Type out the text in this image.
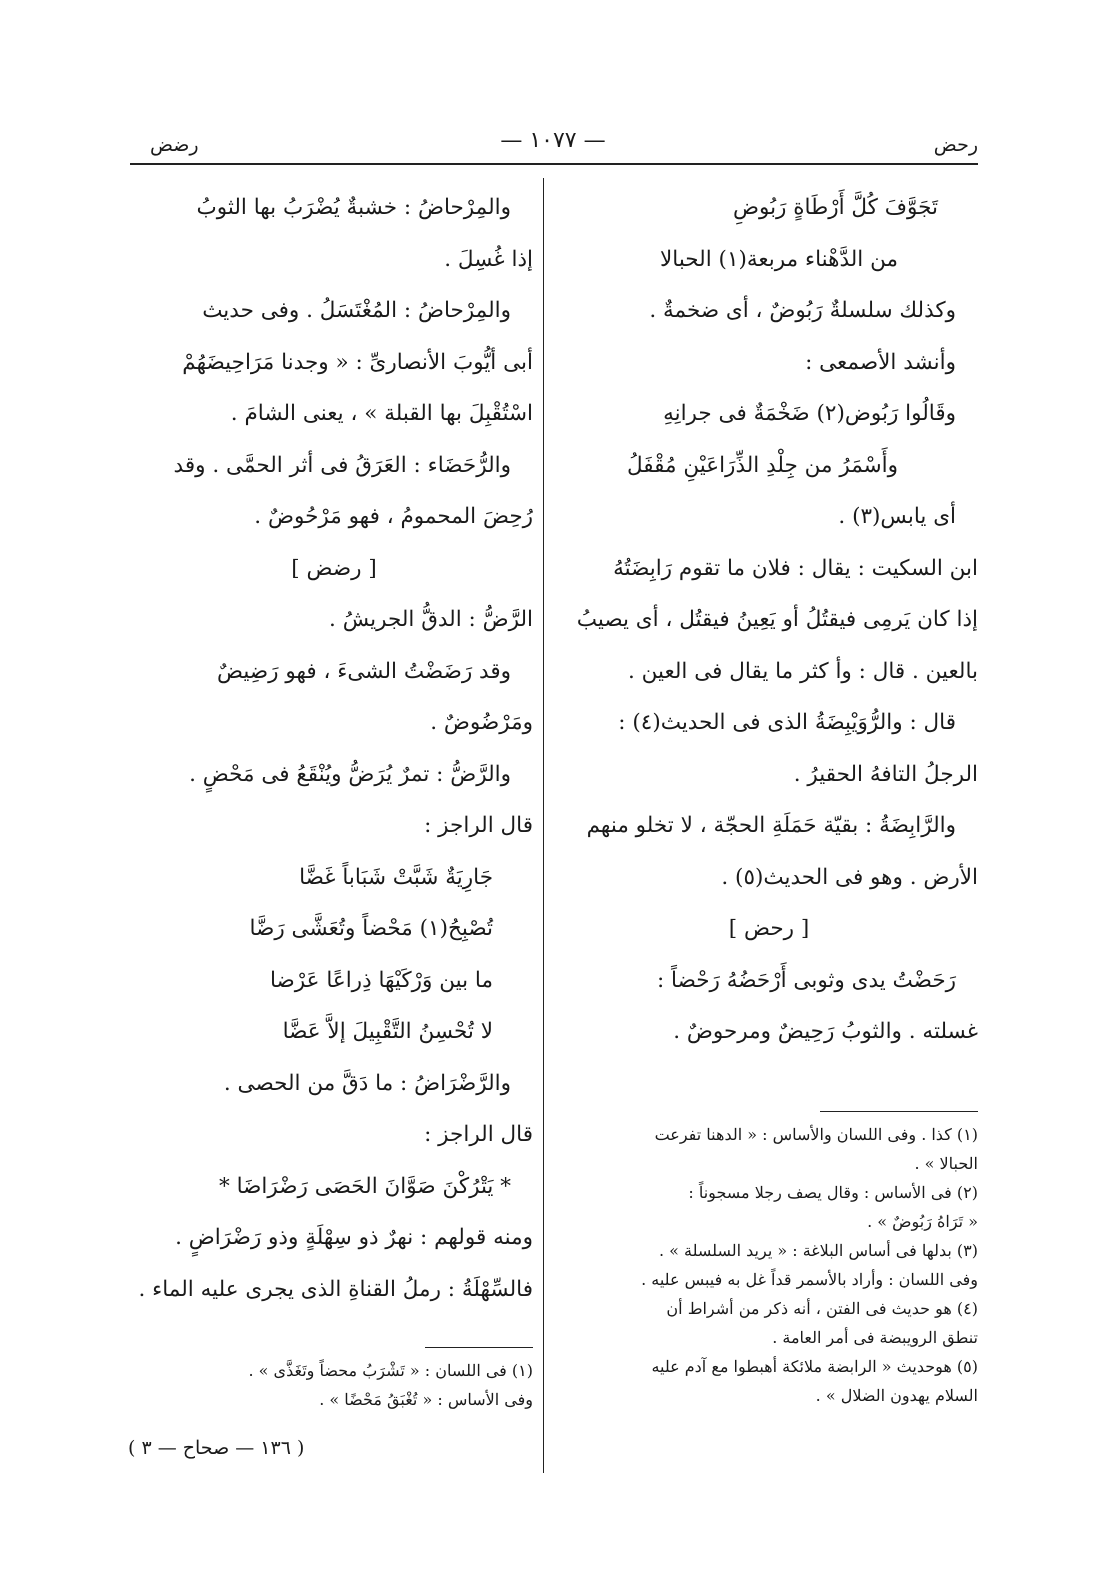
رحض
— ١٠٧٧ —
رضض
تَجَوَّفَ كُلَّ أَرْطَاةٍ رَبُوضِ
من الدَّهْناء مربعة(١) الحبالا
وكذلك سلسلةٌ رَبُوضٌ ، أى ضخمةٌ .
وأنشد الأصمعى :
وقَالُوا رَبُوض(٢) ضَخْمَةٌ فى جرانِهِ
وأَسْمَرُ من جِلْدِ الذِّرَاعَيْنِ مُقْفَلُ
أى يابس(٣) .
ابن السكيت : يقال : فلان ما تقوم رَابِضَتُهُ
إذا كان يَرمِى فيقتُلُ أو يَعِينُ فيقتُل ، أى يصيبُ
بالعين . قال : وأ كثر ما يقال فى العين .
قال : والرُّوَيْبِضَةُ الذى فى الحديث(٤) :
الرجلُ التافهُ الحقيرُ .
والرَّابِضَةُ : بقيّة حَمَلَةِ الحجّة ، لا تخلو منهم
الأرض . وهو فى الحديث(٥) .
[ رحض ]
رَحَضْتُ يدى وثوبى أَرْحَضُهُ رَحْضاً :
غسلته . والثوبُ رَحِيضٌ ومرحوضٌ .
(١) كذا . وفى اللسان والأساس : « الدهنا تفرعت
الحبالا » .
(٢) فى الأساس : وقال يصف رجلا مسجوناً :
« تَرَاهُ رَبُوضٌ » .
(٣) بدلها فى أساس البلاغة : « يريد السلسلة » .
وفى اللسان : وأراد بالأسمر قداً غل به فيبس عليه .
(٤) هو حديث فى الفتن ، أنه ذكر من أشراط أن
تنطق الرويبضة فى أمر العامة .
(٥) هوحديث « الرابضة ملائكة أهبطوا مع آدم عليه
السلام يهدون الضلال » .
والمِرْحاضُ : خشبةٌ يُضْرَبُ بها الثوبُ
إذا غُسِلَ .
والمِرْحاضُ : المُغْتَسَلُ . وفى حديث
أبى أيُّوبَ الأنصارىِّ : « وجدنا مَرَاحِيضَهُمْ
اسْتُقْبِلَ بها القبلة » ، يعنى الشامَ .
والرُّحَضَاء : العَرَقُ فى أثر الحمَّى . وقد
رُحِضَ المحمومُ ، فهو مَرْحُوضٌ .
[ رضض ]
الرَّضُّ : الدقُّ الجريشُ .
وقد رَضَضْتُ الشىءَ ، فهو رَضِيضٌ
ومَرْضُوضٌ .
والرَّضُّ : تمرٌ يُرَضُّ ويُنْقَعُ فى مَحْضٍ .
قال الراجز :
جَارِيَةٌ شَبَّتْ شَبَاباً غَضَّا
تُصْبِحُ(١) مَحْضاً وتُعَشَّى رَضَّا
ما بين وَرْكَيْهَا ذِراعًا عَرْضا
لا تُحْسِنُ التَّقْبِيلَ إلاَّ عَضَّا
والرَّضْرَاضُ : ما دَقَّ من الحصى .
قال الراجز :
* يَتْرُكْنَ صَوَّانَ الحَصَى رَضْرَاضَا *
ومنه قولهم : نهرٌ ذو سِهْلَةٍ وذو رَضْرَاضٍ .
فالسِّهْلَةُ : رملُ القناةِ الذى يجرى عليه الماء .
(١) فى اللسان : « تَشْرَبُ محضاً وتَغَذَّى » .
وفى الأساس : « تُغْبَقُ مَحْضًا » .
( ١٣٦ — صحاح — ٣ )
